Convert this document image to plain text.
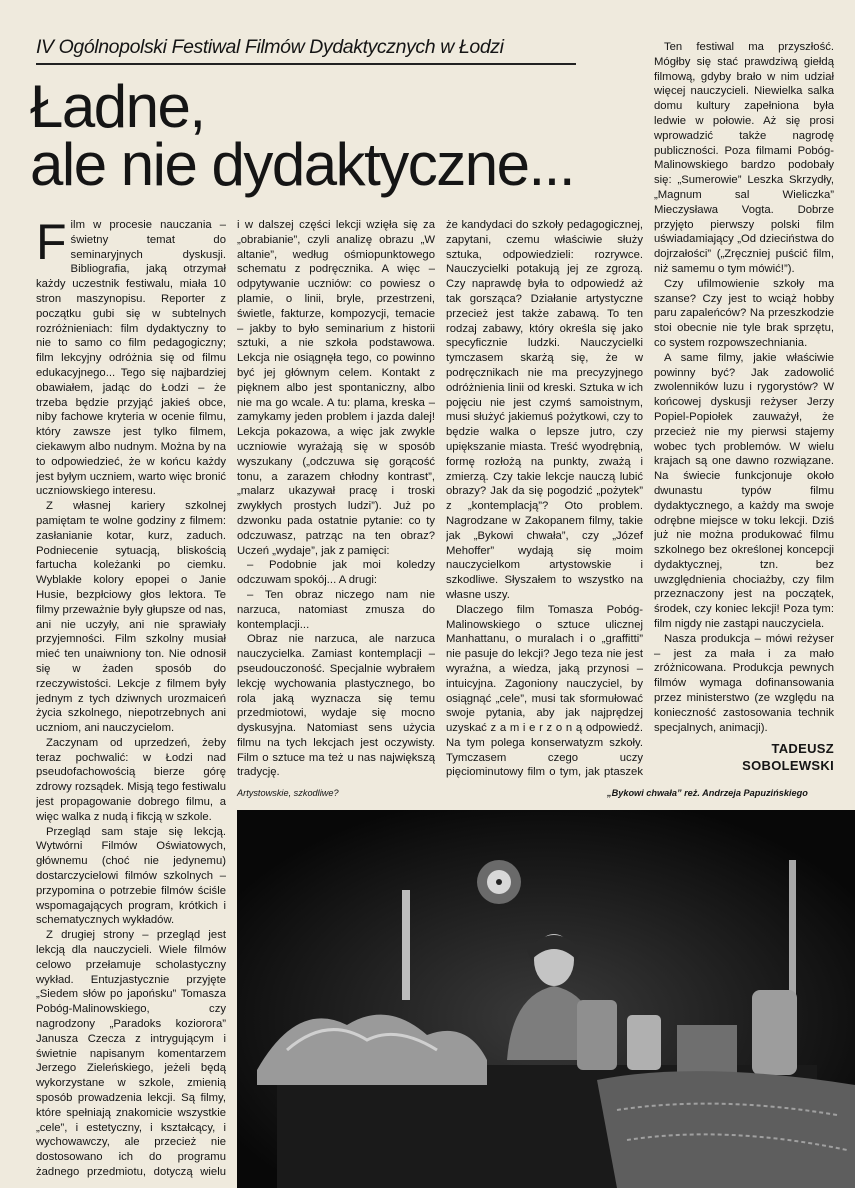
IV Ogólnopolski Festiwal Filmów Dydaktycznych w Łodzi
Ładne,
ale nie dydaktyczne...

Film w procesie nauczania – świetny temat do seminaryjnych dyskusji. Bibliografia, jaką otrzymał każdy uczestnik festiwalu, miała 10 stron maszynopisu. Reporter z początku gubi się w subtelnych rozróżnieniach: film dydaktyczny to nie to samo co film pedagogiczny; film lekcyjny odróżnia się od filmu edukacyjnego... Tego się najbardziej obawiałem, jadąc do Łodzi – że trzeba będzie przyjąć jakieś obce, niby fachowe kryteria w ocenie filmu, który zawsze jest tylko filmem, ciekawym albo nudnym. Można by na to odpowiedzieć, że w końcu każdy jest byłym uczniem, warto więc bronić uczniowskiego interesu.

Z własnej kariery szkolnej pamiętam te wolne godziny z filmem: zasłanianie kotar, kurz, zaduch. Podniecenie sytuacją, bliskością fartucha koleżanki po ciemku. Wyblakłe kolory epopei o Janie Husie, bezpłciowy głos lektora. Te filmy przeważnie były głupsze od nas, ani nie uczyły, ani nie sprawiały przyjemności. Film szkolny musiał mieć ten unaiwniony ton. Nie odnosił się w żaden sposób do rzeczywistości. Lekcje z filmem były jednym z tych dziwnych urozmaiceń życia szkolnego, niepotrzebnych ani uczniom, ani nauczycielom.

Zaczynam od uprzedzeń, żeby teraz pochwalić: w Łodzi nad pseudofachowością bierze górę zdrowy rozsądek. Misją tego festiwalu jest propagowanie dobrego filmu, a więc walka z nudą i fikcją w szkole.

Przegląd sam staje się lekcją. Wytwórni Filmów Oświatowych, głównemu (choć nie jedynemu) dostarczycielowi filmów szkolnych – przypomina o potrzebie filmów ściśle wspomagających program, krótkich i schematycznych wykładów.

Z drugiej strony – przegląd jest lekcją dla nauczycieli. Wiele filmów celowo przełamuje scholastyczny wykład. Entuzjastycznie przyjęte „Siedem słów po japońsku” Tomasza Pobóg-Malinowskiego, czy nagrodzony „Paradoks koziorога” Janusza Czecza z intrygującym i świetnie napisanym komentarzem Jerzego Zieleńskiego, jeżeli będą wykorzystane w szkole, zmienią sposób prowadzenia lekcji. Są filmy, które spełniają znakomicie wszystkie „cele”, i estetyczny, i kształcący, i wychowawczy, ale przecież nie dostosowano ich do programu żadnego przedmiotu, dotyczą wielu

i w dalszej części lekcji wzięła się za „obrabianie”, czyli analizę obrazu „W altanie”, według ośmiopunktowego schematu z podręcznika. A więc – odpytywanie uczniów: co powiesz o plamie, o linii, bryle, przestrzeni, świetle, fakturze, kompozycji, temacie – jakby to było seminarium z historii sztuki, a nie szkoła podstawowa. Lekcja nie osiągnęła tego, co powinno być jej głównym celem. Kontakt z pięknem albo jest spontaniczny, albo nie ma go wcale. A tu: plama, kreska – zamykamy jeden problem i jazda dalej! Lekcja pokazowa, a więc jak zwykle uczniowie wyrażają się w sposób wyszukany („odczuwa się gorącość tonu, a zarazem chłodny kontrast”, „malarz ukazywał pracę i troski zwykłych prostych ludzi”). Już po dzwonku pada ostatnie pytanie: co ty odczuwasz, patrząc na ten obraz? Uczeń „wydaje”, jak z pamięci:

– Podobnie jak moi koledzy odczuwam spokój... A drugi:

– Ten obraz niczego nam nie narzuca, natomiast zmusza do kontemplacji...

Obraz nie narzuca, ale narzuca nauczycielka. Zamiast kontemplacji – pseudouczoność. Specjalnie wybrałem lekcję wychowania plastycznego, bo rola jaką wyznacza się temu przedmiotowi, wydaje się mocno dyskusyjna. Natomiast sens użycia filmu na tych lekcjach jest oczywisty. Film o sztuce ma też u nas największą tradycję.

że kandydaci do szkoły pedagogicznej, zapytani, czemu właściwie służy sztuka, odpowiedzieli: rozrywce. Nauczycielki potakują jej ze zgrozą. Czy naprawdę była to odpowiedź aż tak gorsząca? Działanie artystyczne przecież jest także zabawą. To ten rodzaj zabawy, który określa się jako specyficznie ludzki. Nauczycielki tymczasem skarżą się, że w podręcznikach nie ma precyzyjnego odróżnienia linii od kreski. Sztuka w ich pojęciu nie jest czymś samoistnym, musi służyć jakiemuś pożytkowi, czy to będzie walka o lepsze jutro, czy upiększanie miasta. Treść wyodrębnią, formę rozłożą na punkty, zważą i zmierzą. Czy takie lekcje nauczą lubić obrazy? Jak da się pogodzić „pożytek” z „kontemplacją”? Oto problem. Nagrodzane w Zakopanem filmy, takie jak „Bykowi chwała”, czy „Józef Mehoffer” wydają się moim nauczycielkom artystowskie i szkodliwe. Słyszałem to wszystko na własne uszy.

Dlaczego film Tomasza Pobóg-Malinowskiego o sztuce ulicznej Manhattanu, o muralach i o „graffitti” nie pasuje do lekcji? Jego teza nie jest wyraźna, a wiedza, jaką przynosi – intuicyjna. Zagoniony nauczyciel, by osiągnąć „cele”, musi tak sformułować swoje pytania, aby jak najprędzej uzyskać z a m i e r z o n ą odpowiedź. Na tym polega konserwatyzm szkoły. Tymczasem czego uczy pięciominutowy film o tym, jak ptaszek

Ten festiwal ma przyszłość. Mógłby się stać prawdziwą giełdą filmową, gdyby brało w nim udział więcej nauczycieli. Niewielka salka domu kultury zapełniona była ledwie w połowie. Aż się prosi wprowadzić także nagrodę publiczności. Poza filmami Pobóg-Malinowskiego bardzo podobały się: „Sumerowie” Leszka Skrzydły, „Magnum sal Wieliczka” Mieczysława Vogta. Dobrze przyjęto pierwszy polski film uświadamiający „Od dzieciństwa do dojrzałości” („Zręczniej puścić film, niż samemu o tym mówić!”).

Czy ufilmowienie szkoły ma szanse? Czy jest to wciąż hobby paru zapaleńców? Na przeszkodzie stoi obecnie nie tyle brak sprzętu, co system rozpowszechniania.

A same filmy, jakie właściwie powinny być? Jak zadowolić zwolenników luzu i rygorystów? W końcowej dyskusji reżyser Jerzy Popiel-Popiołek zauważył, że przecież nie my pierwsi stajemy wobec tych problemów. W wielu krajach są one dawno rozwiązane. Na świecie funkcjonuje około dwunastu typów filmu dydaktycznego, a każdy ma swoje odrębne miejsce w toku lekcji. Dziś już nie można produkować filmu szkolnego bez określonej koncepcji dydaktycznej, tzn. bez uwzględnienia chociażby, czy film przeznaczony jest na początek, środek, czy koniec lekcji! Poza tym: film nigdy nie zastąpi nauczyciela.

Nasza produkcja – mówi reżyser – jest za mała i za mało zróżnicowana. Produkcja pewnych filmów wymaga dofinansowania przez ministerstwo (ze względu na konieczność zastosowania technik specjalnych, animacji).

TADEUSZ
SOBOLEWSKI
Artystowskie, szkodliwe?	„Bykowi chwała” reż. Andrzeja Papuzińskiego
